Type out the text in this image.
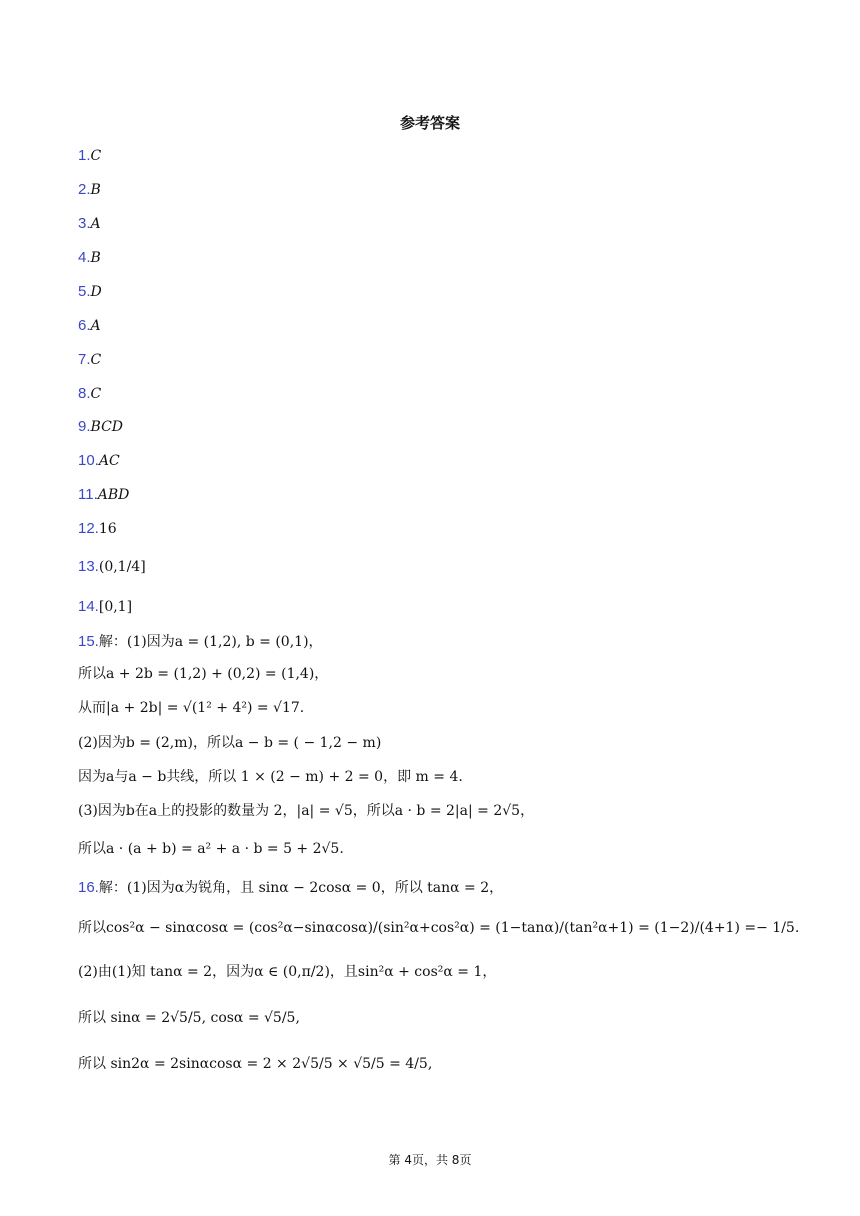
参考答案
1.C
2.B
3.A
4.B
5.D
6.A
7.C
8.C
9.BCD
10.AC
11.ABD
12.16
13.(0,1/4]
14.[0,1]
15.解：(1)因为a = (1,2), b = (0,1)，
所以a + 2b = (1,2) + (0,2) = (1,4)，
从而|a + 2b| = √(1² + 4²) = √17.
(2)因为b = (2,m)，所以a − b = ( − 1,2 − m)
因为a与a − b共线，所以 1 × (2 − m) + 2 = 0，即 m = 4.
(3)因为b在a上的投影的数量为 2，|a| = √5，所以a · b = 2|a| = 2√5，
所以a · (a + b) = a² + a · b = 5 + 2√5.
16.解：(1)因为α为锐角，且 sinα − 2cosα = 0，所以 tanα = 2，
所以cos²α − sinαcosα = (cos²α−sinαcosα)/(sin²α+cos²α) = (1−tanα)/(tan²α+1) = (1−2)/(4+1) =− 1/5.
(2)由(1)知 tanα = 2，因为α ∈ (0,π/2)，且sin²α + cos²α = 1，
所以 sinα = 2√5/5, cosα = √5/5,
所以 sin2α = 2sinαcosα = 2 × 2√5/5 × √5/5 = 4/5,
第 4页，共 8页
